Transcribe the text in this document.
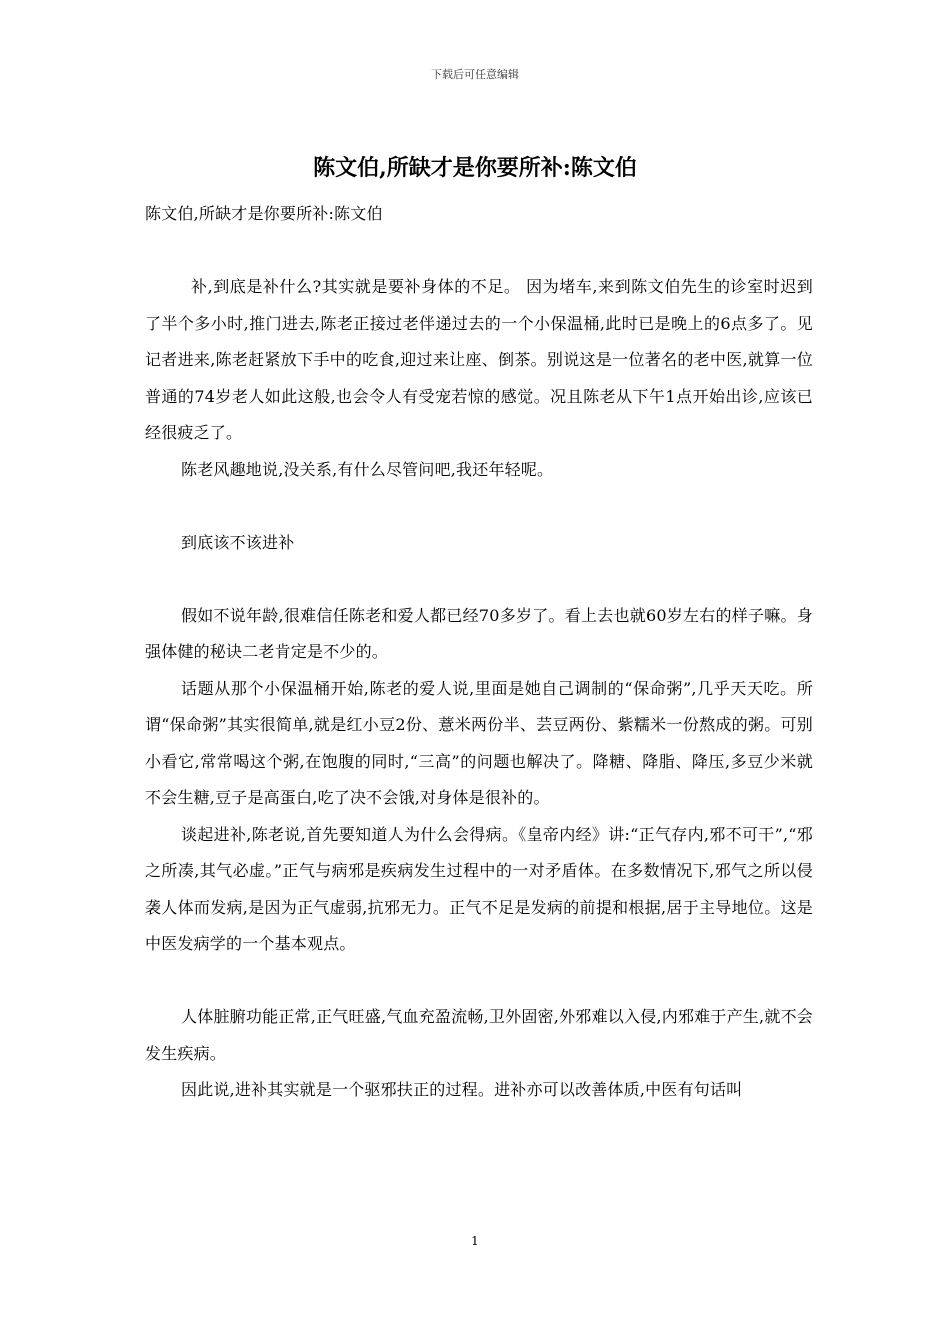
下载后可任意编辑
陈文伯,所缺才是你要所补:陈文伯

陈文伯,所缺才是你要所补:陈文伯

补,到底是补什么?其实就是要补身体的不足。 因为堵车,来到陈文伯先生的诊室时迟到了半个多小时,推门进去,陈老正接过老伴递过去的一个小保温桶,此时已是晚上的6点多了。见记者进来,陈老赶紧放下手中的吃食,迎过来让座、倒茶。别说这是一位著名的老中医,就算一位普通的74岁老人如此这般,也会令人有受宠若惊的感觉。况且陈老从下午1点开始出诊,应该已经很疲乏了。

陈老风趣地说,没关系,有什么尽管问吧,我还年轻呢。

到底该不该进补

假如不说年龄,很难信任陈老和爱人都已经70多岁了。看上去也就60岁左右的样子嘛。身强体健的秘诀二老肯定是不少的。

话题从那个小保温桶开始,陈老的爱人说,里面是她自己调制的“保命粥”,几乎天天吃。所谓“保命粥”其实很简单,就是红小豆2份、薏米两份半、芸豆两份、紫糯米一份熬成的粥。可别小看它,常常喝这个粥,在饱腹的同时,“三高”的问题也解决了。降糖、降脂、降压,多豆少米就不会生糖,豆子是高蛋白,吃了决不会饿,对身体是很补的。

谈起进补,陈老说,首先要知道人为什么会得病。《皇帝内经》讲:“正气存内,邪不可干”,“邪之所凑,其气必虚。”正气与病邪是疾病发生过程中的一对矛盾体。在多数情况下,邪气之所以侵袭人体而发病,是因为正气虚弱,抗邪无力。正气不足是发病的前提和根据,居于主导地位。这是中医发病学的一个基本观点。

人体脏腑功能正常,正气旺盛,气血充盈流畅,卫外固密,外邪难以入侵,内邪难于产生,就不会发生疾病。

因此说,进补其实就是一个驱邪扶正的过程。进补亦可以改善体质,中医有句话叫

1
